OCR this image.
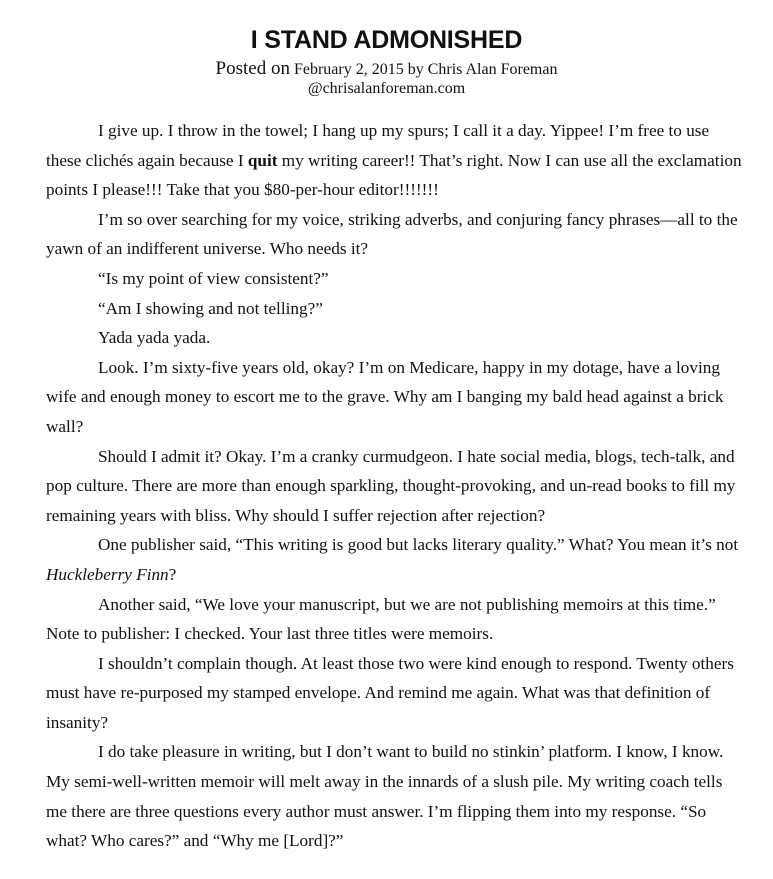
I STAND ADMONISHED
Posted on February 2, 2015 by Chris Alan Foreman
@chrisalanforeman.com

I give up. I throw in the towel; I hang up my spurs; I call it a day. Yippee! I’m free to use these clichés again because I quit my writing career!! That’s right. Now I can use all the exclamation points I please!!! Take that you $80-per-hour editor!!!!!!!

I’m so over searching for my voice, striking adverbs, and conjuring fancy phrases—all to the yawn of an indifferent universe. Who needs it?

“Is my point of view consistent?”

“Am I showing and not telling?”

Yada yada yada.

Look. I’m sixty-five years old, okay? I’m on Medicare, happy in my dotage, have a loving wife and enough money to escort me to the grave. Why am I banging my bald head against a brick wall?

Should I admit it? Okay. I’m a cranky curmudgeon. I hate social media, blogs, tech-talk, and pop culture. There are more than enough sparkling, thought-provoking, and un-read books to fill my remaining years with bliss. Why should I suffer rejection after rejection?

One publisher said, “This writing is good but lacks literary quality.” What? You mean it’s not Huckleberry Finn?

Another said, “We love your manuscript, but we are not publishing memoirs at this time.” Note to publisher: I checked. Your last three titles were memoirs.

I shouldn’t complain though. At least those two were kind enough to respond. Twenty others must have re-purposed my stamped envelope. And remind me again. What was that definition of insanity?

I do take pleasure in writing, but I don’t want to build no stinkin’ platform. I know, I know. My semi-well-written memoir will melt away in the innards of a slush pile. My writing coach tells me there are three questions every author must answer. I’m flipping them into my response. “So what? Who cares?” and “Why me [Lord]?”
